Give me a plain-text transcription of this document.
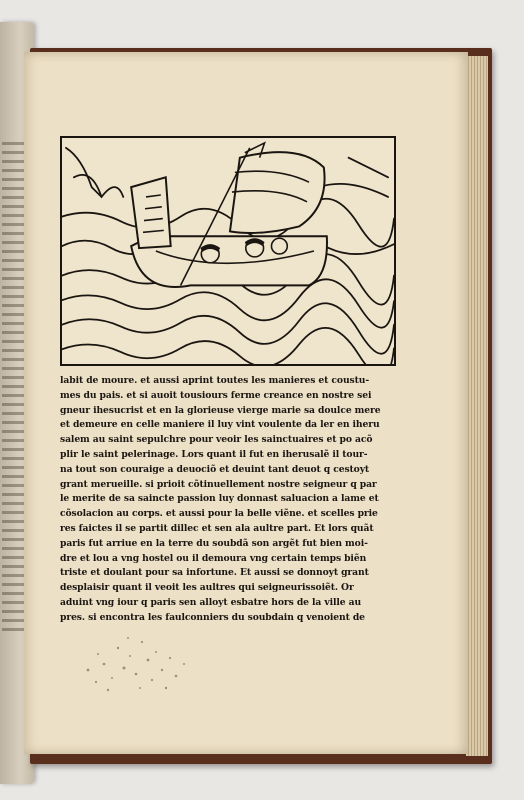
labit de moure. et aussi aprint toutes les manieres et coustu-
mes du pais. et si auoit tousiours ferme creance en nostre sei
gneur ihesucrist et en la glorieuse vierge marie sa doulce mere
et demeure en celle maniere il luy vint voulente da ler en iheru
salem au saint sepulchre pour veoir les sainctuaires et po acõ
plir le saint pelerinage. Lors quant il fut en iherusalẽ il tour-
na tout son couraige a deuociõ et deuint tant deuot q cestoyt
grant merueille. si prioit cõtinuellement nostre seigneur q par
le merite de sa saincte passion luy donnast saluacion a lame et
cõsolacion au corps. et aussi pour la belle viẽne. et scelles prie
res faictes il se partit dillec et sen ala aultre part. Et lors quãt
paris fut arriue en la terre du soubdã son argẽt fut bien moi-
dre et lou a vng hostel ou il demoura vng certain temps biẽn
triste et doulant pour sa infortune. Et aussi se donnoyt grant
desplaisir quant il veoit les aultres qui seigneurissoiẽt. Or
aduint vng iour q paris sen alloyt esbatre hors de la ville au
pres. si encontra les faulconniers du soubdain q venoient de
